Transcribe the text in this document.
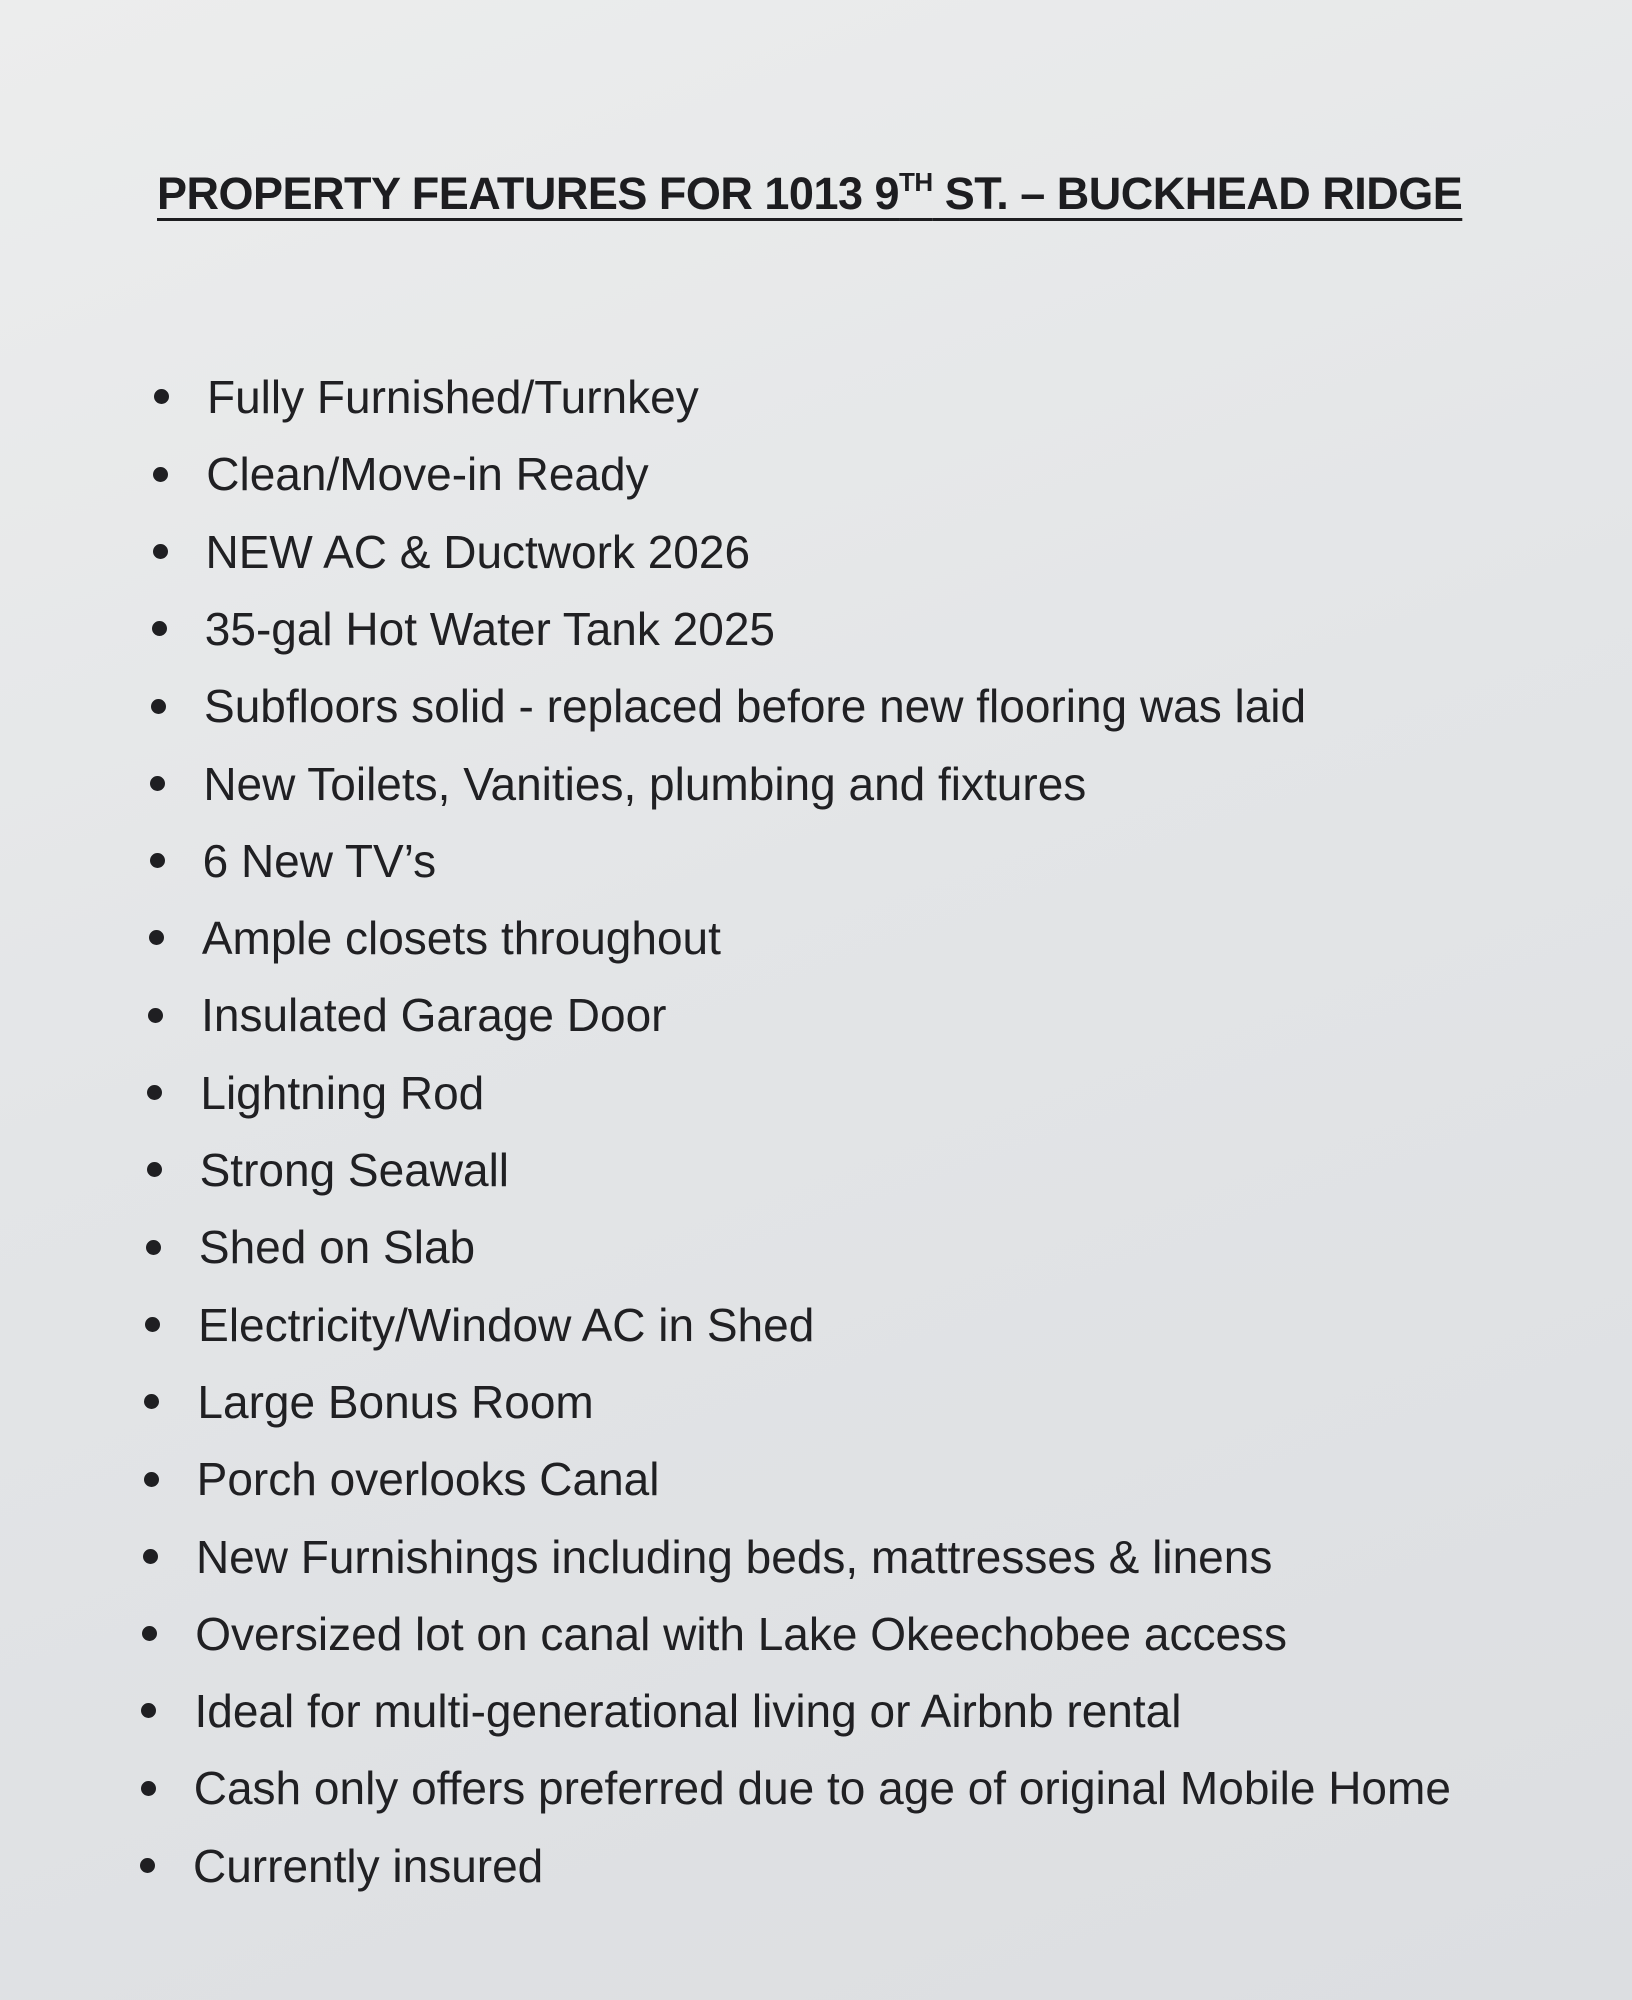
PROPERTY FEATURES FOR 1013 9TH ST. – BUCKHEAD RIDGE
Fully Furnished/Turnkey
Clean/Move-in Ready
NEW AC & Ductwork 2026
35-gal Hot Water Tank 2025
Subfloors solid - replaced before new flooring was laid
New Toilets, Vanities, plumbing and fixtures
6 New TV’s
Ample closets throughout
Insulated Garage Door
Lightning Rod
Strong Seawall
Shed on Slab
Electricity/Window AC in Shed
Large Bonus Room
Porch overlooks Canal
New Furnishings including beds, mattresses & linens
Oversized lot on canal with Lake Okeechobee access
Ideal for multi-generational living or Airbnb rental
Cash only offers preferred due to age of original Mobile Home
Currently insured
